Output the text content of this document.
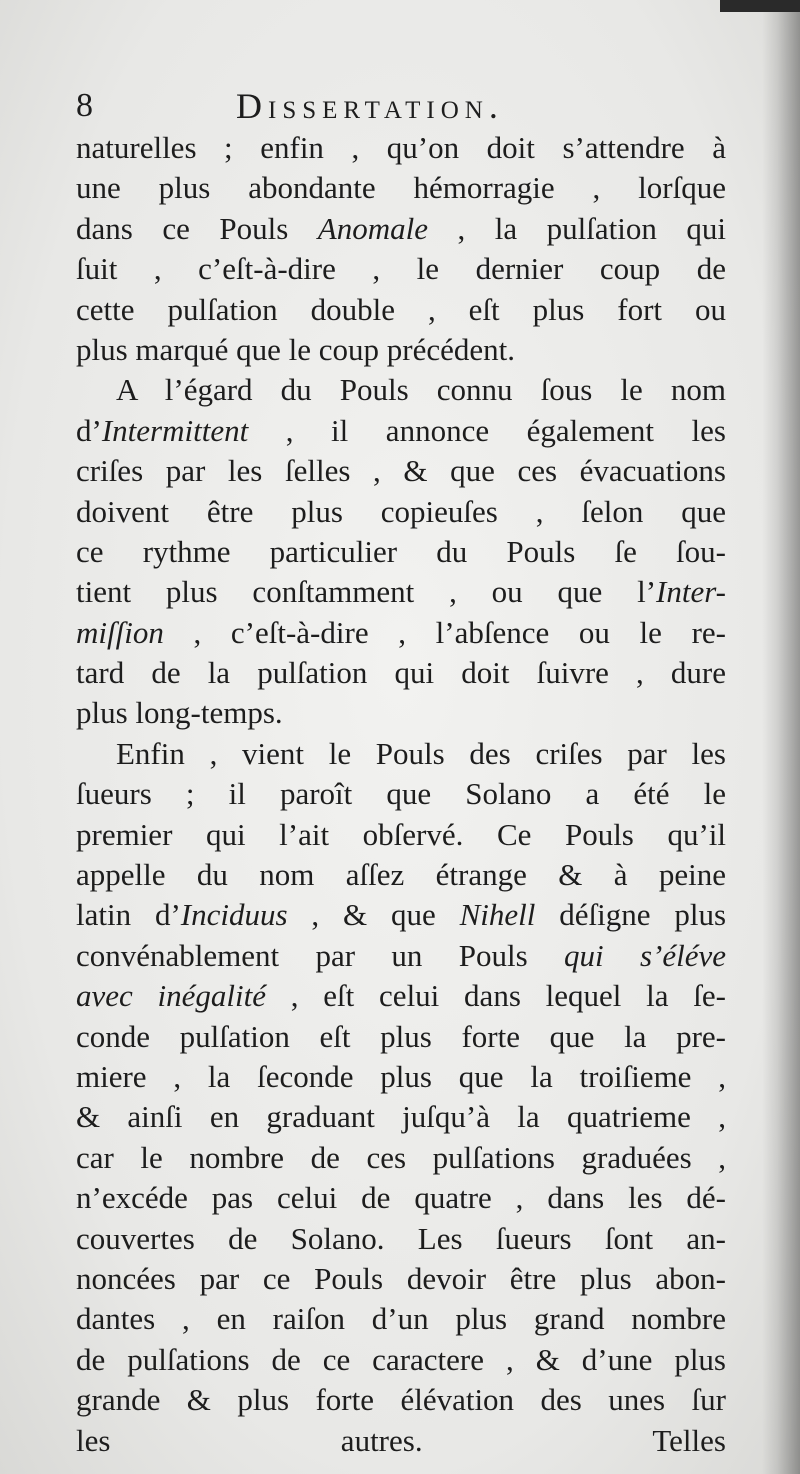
8	Dissertation.
naturelles ; enfin , qu’on doit s’attendre à
une plus abondante hémorragie , lorſque
dans ce Pouls Anomale , la pulſation qui
ſuit , c’eſt-à-dire , le dernier coup de
cette pulſation double , eſt plus fort ou
plus marqué que le coup précédent.
A l’égard du Pouls connu ſous le nom
d’Intermittent , il annonce également les
criſes par les ſelles , & que ces évacuations
doivent être plus copieuſes , ſelon que
ce rythme particulier du Pouls ſe ſou-
tient plus conſtamment , ou que l’Inter-
miſſion , c’eſt-à-dire , l’abſence ou le re-
tard de la pulſation qui doit ſuivre , dure
plus long-temps.
Enfin , vient le Pouls des criſes par les
ſueurs ; il paroît que Solano a été le
premier qui l’ait obſervé. Ce Pouls qu’il
appelle du nom aſſez étrange & à peine
latin d’Inciduus , & que Nihell déſigne plus
convénablement par un Pouls qui s’éléve
avec inégalité , eſt celui dans lequel la ſe-
conde pulſation eſt plus forte que la pre-
miere , la ſeconde plus que la troiſieme ,
& ainſi en graduant juſqu’à la quatrieme ,
car le nombre de ces pulſations graduées ,
n’excéde pas celui de quatre , dans les dé-
couvertes de Solano. Les ſueurs ſont an-
noncées par ce Pouls devoir être plus abon-
dantes , en raiſon d’un plus grand nombre
de pulſations de ce caractere , & d’une plus
grande & plus forte élévation des unes ſur
les autres.	Telles
